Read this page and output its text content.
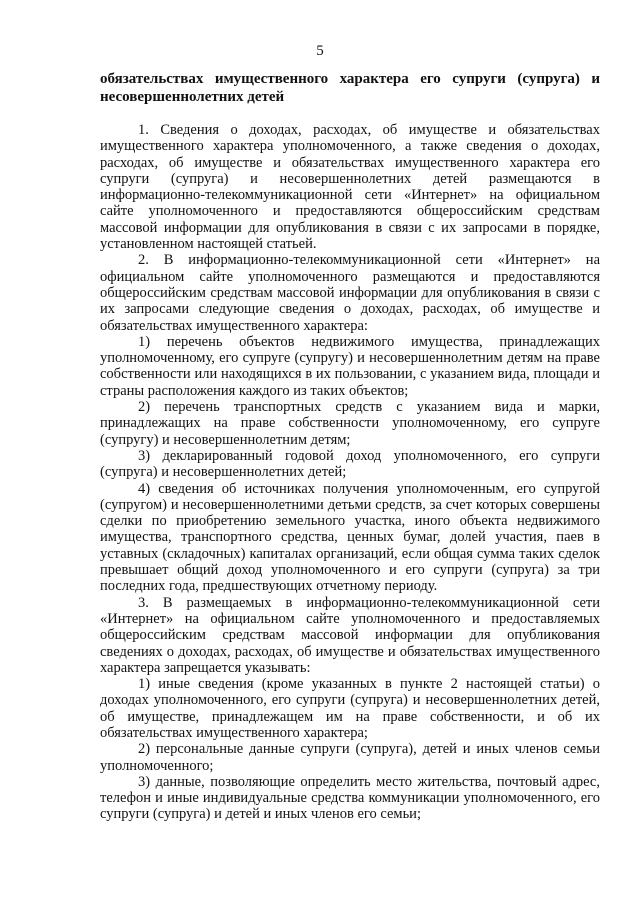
5

обязательствах имущественного характера его супруги (супруга) и несовершеннолетних детей

1. Сведения о доходах, расходах, об имуществе и обязательствах имущественного характера уполномоченного, а также сведения о доходах, расходах, об имуществе и обязательствах имущественного характера его супруги (супруга) и несовершеннолетних детей размещаются в информационно-телекоммуникационной сети «Интернет» на официальном сайте уполномоченного и предоставляются общероссийским средствам массовой информации для опубликования в связи с их запросами в порядке, установленном настоящей статьей.

2. В информационно-телекоммуникационной сети «Интернет» на официальном сайте уполномоченного размещаются и предоставляются общероссийским средствам массовой информации для опубликования в связи с их запросами следующие сведения о доходах, расходах, об имуществе и обязательствах имущественного характера:

1) перечень объектов недвижимого имущества, принадлежащих уполномоченному, его супруге (супругу) и несовершеннолетним детям на праве собственности или находящихся в их пользовании, с указанием вида, площади и страны расположения каждого из таких объектов;

2) перечень транспортных средств с указанием вида и марки, принадлежащих на праве собственности уполномоченному, его супруге (супругу) и несовершеннолетним детям;

3) декларированный годовой доход уполномоченного, его супруги (супруга) и несовершеннолетних детей;

4) сведения об источниках получения уполномоченным, его супругой (супругом) и несовершеннолетними детьми средств, за счет которых совершены сделки по приобретению земельного участка, иного объекта недвижимого имущества, транспортного средства, ценных бумаг, долей участия, паев в уставных (складочных) капиталах организаций, если общая сумма таких сделок превышает общий доход уполномоченного и его супруги (супруга) за три последних года, предшествующих отчетному периоду.

3. В размещаемых в информационно-телекоммуникационной сети «Интернет» на официальном сайте уполномоченного и предоставляемых общероссийским средствам массовой информации для опубликования сведениях о доходах, расходах, об имуществе и обязательствах имущественного характера запрещается указывать:

1) иные сведения (кроме указанных в пункте 2 настоящей статьи) о доходах уполномоченного, его супруги (супруга) и несовершеннолетних детей, об имуществе, принадлежащем им на праве собственности, и об их обязательствах имущественного характера;

2) персональные данные супруги (супруга), детей и иных членов семьи уполномоченного;

3) данные, позволяющие определить место жительства, почтовый адрес, телефон и иные индивидуальные средства коммуникации уполномоченного, его супруги (супруга) и детей и иных членов его семьи;
